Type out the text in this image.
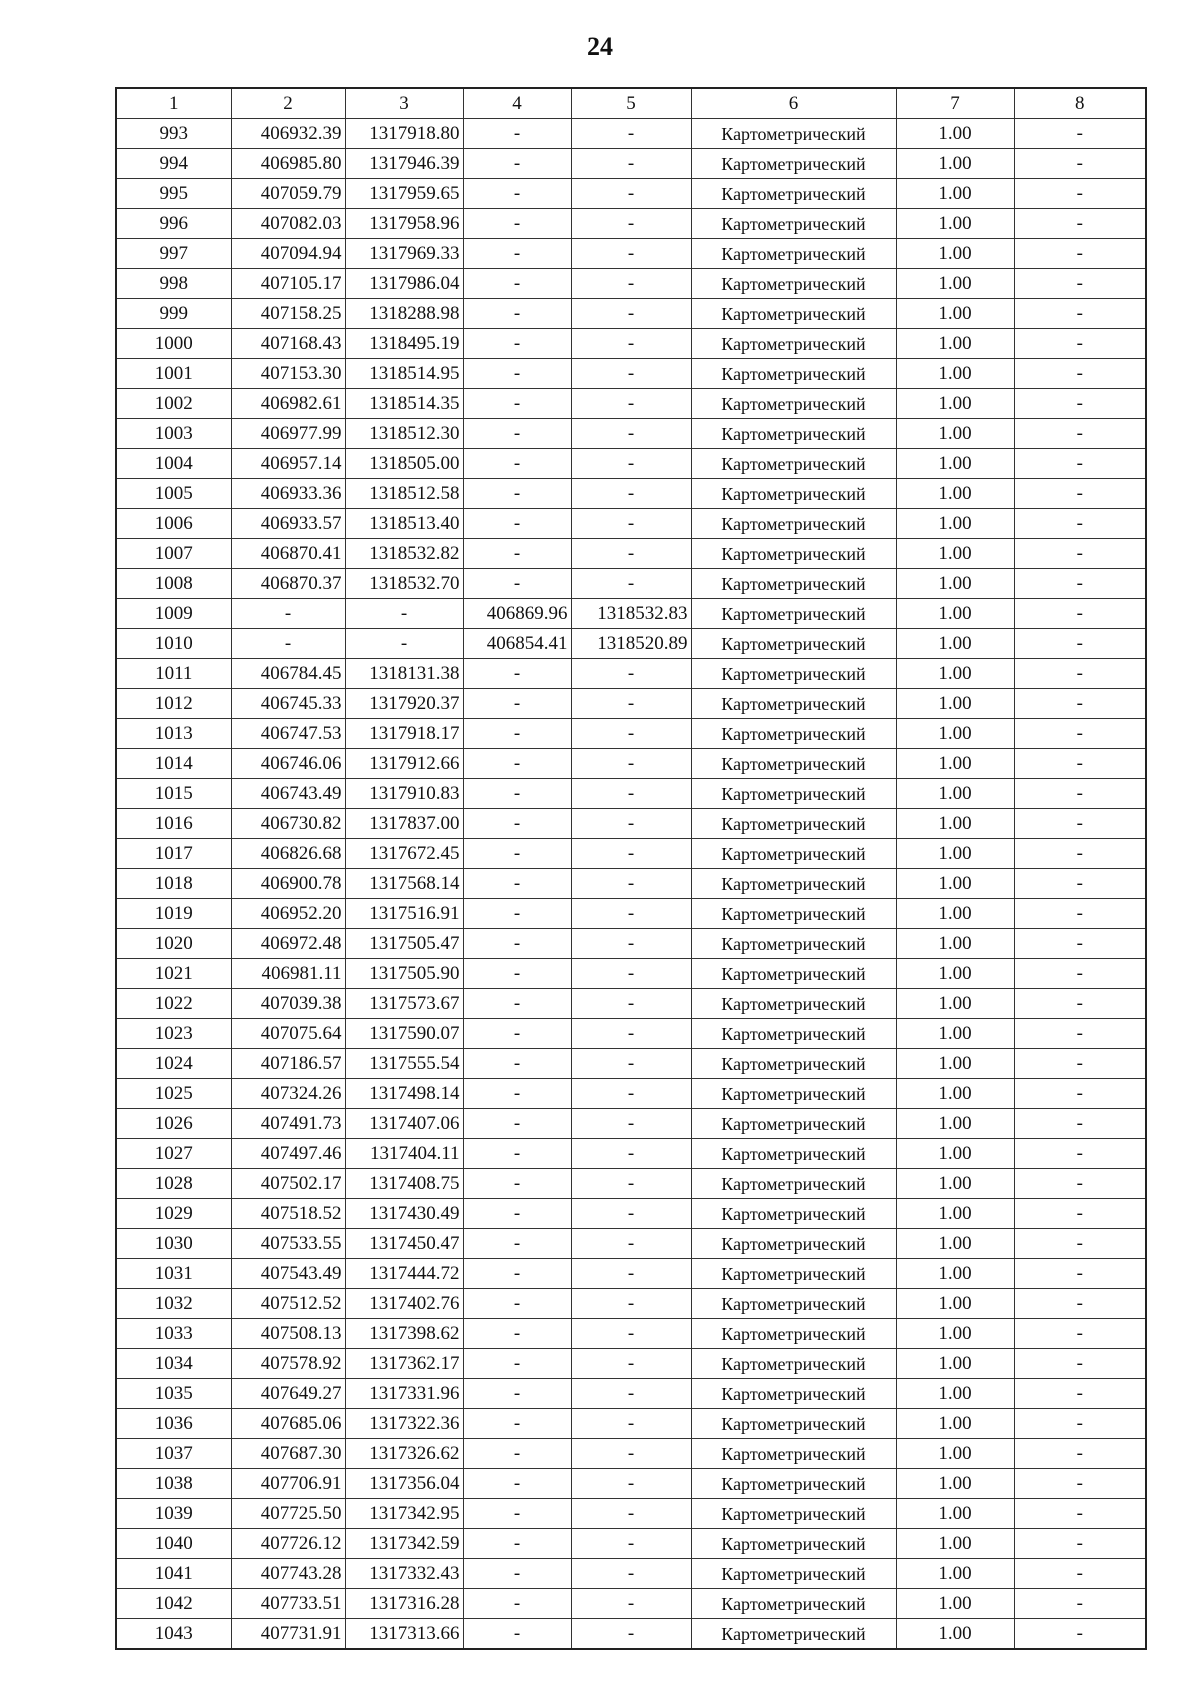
24
1	2	3	4	5	6	7	8
993	406932.39	1317918.80	-	-	Картометрический	1.00	-
994	406985.80	1317946.39	-	-	Картометрический	1.00	-
995	407059.79	1317959.65	-	-	Картометрический	1.00	-
996	407082.03	1317958.96	-	-	Картометрический	1.00	-
997	407094.94	1317969.33	-	-	Картометрический	1.00	-
998	407105.17	1317986.04	-	-	Картометрический	1.00	-
999	407158.25	1318288.98	-	-	Картометрический	1.00	-
1000	407168.43	1318495.19	-	-	Картометрический	1.00	-
1001	407153.30	1318514.95	-	-	Картометрический	1.00	-
1002	406982.61	1318514.35	-	-	Картометрический	1.00	-
1003	406977.99	1318512.30	-	-	Картометрический	1.00	-
1004	406957.14	1318505.00	-	-	Картометрический	1.00	-
1005	406933.36	1318512.58	-	-	Картометрический	1.00	-
1006	406933.57	1318513.40	-	-	Картометрический	1.00	-
1007	406870.41	1318532.82	-	-	Картометрический	1.00	-
1008	406870.37	1318532.70	-	-	Картометрический	1.00	-
1009	-	-	406869.96	1318532.83	Картометрический	1.00	-
1010	-	-	406854.41	1318520.89	Картометрический	1.00	-
1011	406784.45	1318131.38	-	-	Картометрический	1.00	-
1012	406745.33	1317920.37	-	-	Картометрический	1.00	-
1013	406747.53	1317918.17	-	-	Картометрический	1.00	-
1014	406746.06	1317912.66	-	-	Картометрический	1.00	-
1015	406743.49	1317910.83	-	-	Картометрический	1.00	-
1016	406730.82	1317837.00	-	-	Картометрический	1.00	-
1017	406826.68	1317672.45	-	-	Картометрический	1.00	-
1018	406900.78	1317568.14	-	-	Картометрический	1.00	-
1019	406952.20	1317516.91	-	-	Картометрический	1.00	-
1020	406972.48	1317505.47	-	-	Картометрический	1.00	-
1021	406981.11	1317505.90	-	-	Картометрический	1.00	-
1022	407039.38	1317573.67	-	-	Картометрический	1.00	-
1023	407075.64	1317590.07	-	-	Картометрический	1.00	-
1024	407186.57	1317555.54	-	-	Картометрический	1.00	-
1025	407324.26	1317498.14	-	-	Картометрический	1.00	-
1026	407491.73	1317407.06	-	-	Картометрический	1.00	-
1027	407497.46	1317404.11	-	-	Картометрический	1.00	-
1028	407502.17	1317408.75	-	-	Картометрический	1.00	-
1029	407518.52	1317430.49	-	-	Картометрический	1.00	-
1030	407533.55	1317450.47	-	-	Картометрический	1.00	-
1031	407543.49	1317444.72	-	-	Картометрический	1.00	-
1032	407512.52	1317402.76	-	-	Картометрический	1.00	-
1033	407508.13	1317398.62	-	-	Картометрический	1.00	-
1034	407578.92	1317362.17	-	-	Картометрический	1.00	-
1035	407649.27	1317331.96	-	-	Картометрический	1.00	-
1036	407685.06	1317322.36	-	-	Картометрический	1.00	-
1037	407687.30	1317326.62	-	-	Картометрический	1.00	-
1038	407706.91	1317356.04	-	-	Картометрический	1.00	-
1039	407725.50	1317342.95	-	-	Картометрический	1.00	-
1040	407726.12	1317342.59	-	-	Картометрический	1.00	-
1041	407743.28	1317332.43	-	-	Картометрический	1.00	-
1042	407733.51	1317316.28	-	-	Картометрический	1.00	-
1043	407731.91	1317313.66	-	-	Картометрический	1.00	-
